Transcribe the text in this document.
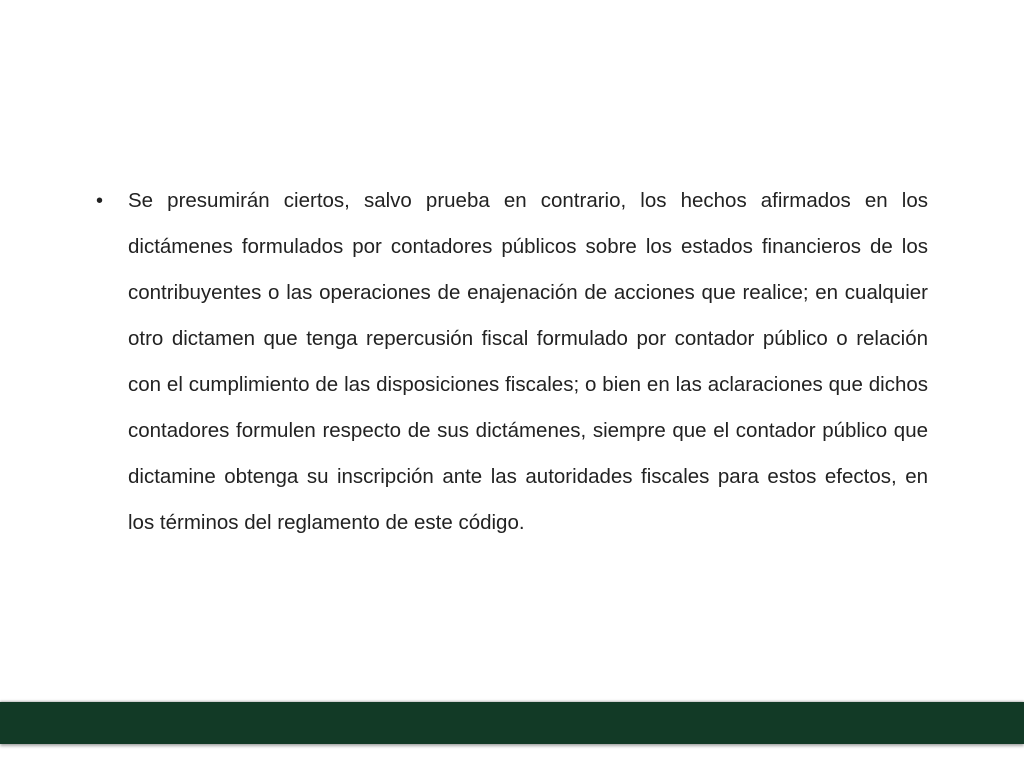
• Se presumirán ciertos, salvo prueba en contrario, los hechos afirmados en los dictámenes formulados por contadores públicos sobre los estados financieros de los contribuyentes o las operaciones de enajenación de acciones que realice; en cualquier otro dictamen que tenga repercusión fiscal formulado por contador público o relación con el cumplimiento de las disposiciones fiscales; o bien en las aclaraciones que dichos contadores formulen respecto de sus dictámenes, siempre que el contador público que dictamine obtenga su inscripción ante las autoridades fiscales para estos efectos, en los términos del reglamento de este código.
